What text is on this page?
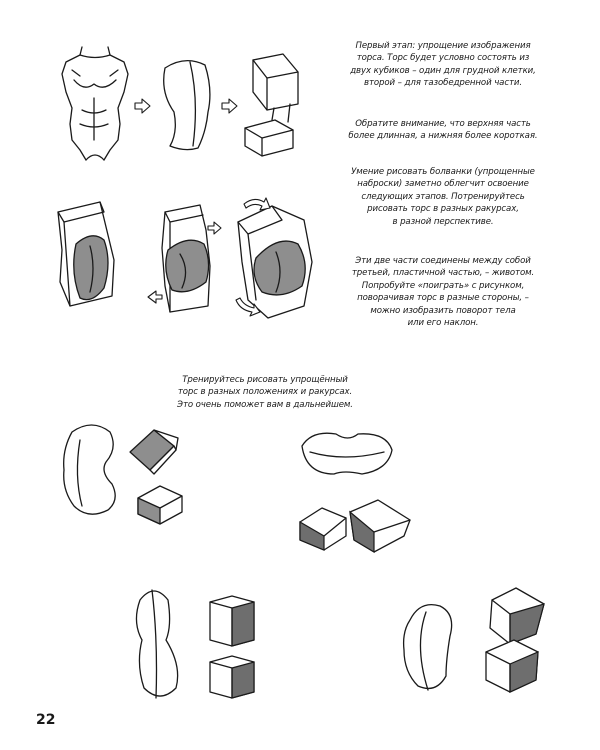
Первый этап: упрощение изображения
торса. Торс будет условно состоять из
двух кубиков – один для грудной клетки,
второй – для тазобедренной части.
Обратите внимание, что верхняя часть
более длинная, а нижняя более короткая.
Умение рисовать болванки (упрощенные
наброски) заметно облегчит освоение
следующих этапов. Потренируйтесь
рисовать торс в разных ракурсах,
в разной перспективе.
Эти две части соединены между собой
третьей, пластичной частью, – животом.
Попробуйте «поиграть» с рисунком,
поворачивая торс в разные стороны, –
можно изобразить поворот тела
или его наклон.
Тренируйтесь рисовать упрощённый
торс в разных положениях и ракурсах.
Это очень поможет вам в дальнейшем.
22
